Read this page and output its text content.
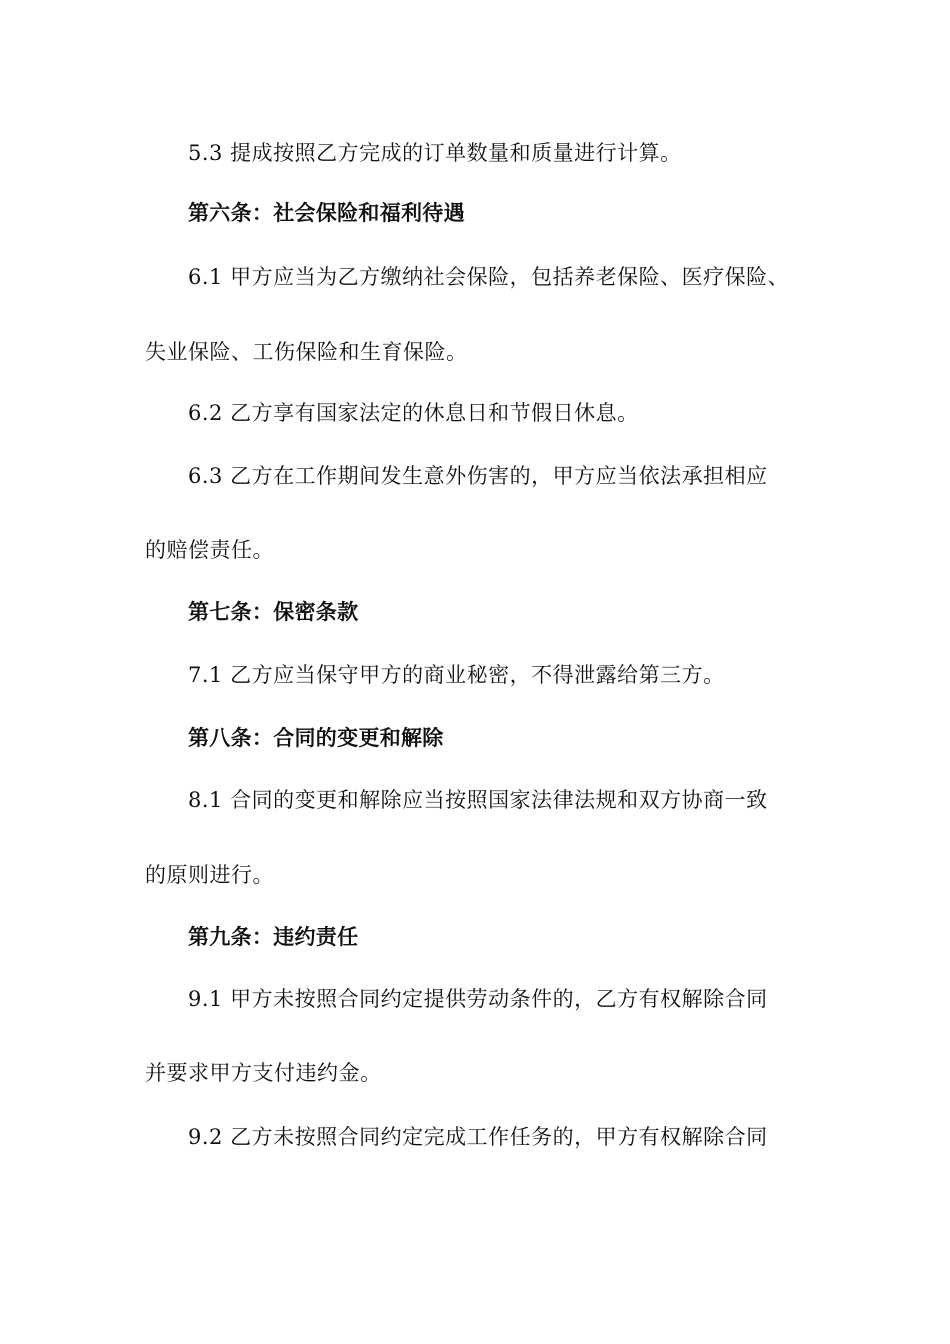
5.3 提成按照乙方完成的订单数量和质量进行计算。
第六条：社会保险和福利待遇
6.1 甲方应当为乙方缴纳社会保险，包括养老保险、医疗保险、
失业保险、工伤保险和生育保险。
6.2 乙方享有国家法定的休息日和节假日休息。
6.3 乙方在工作期间发生意外伤害的，甲方应当依法承担相应
的赔偿责任。
第七条：保密条款
7.1 乙方应当保守甲方的商业秘密，不得泄露给第三方。
第八条：合同的变更和解除
8.1 合同的变更和解除应当按照国家法律法规和双方协商一致
的原则进行。
第九条：违约责任
9.1 甲方未按照合同约定提供劳动条件的，乙方有权解除合同
并要求甲方支付违约金。
9.2 乙方未按照合同约定完成工作任务的，甲方有权解除合同
